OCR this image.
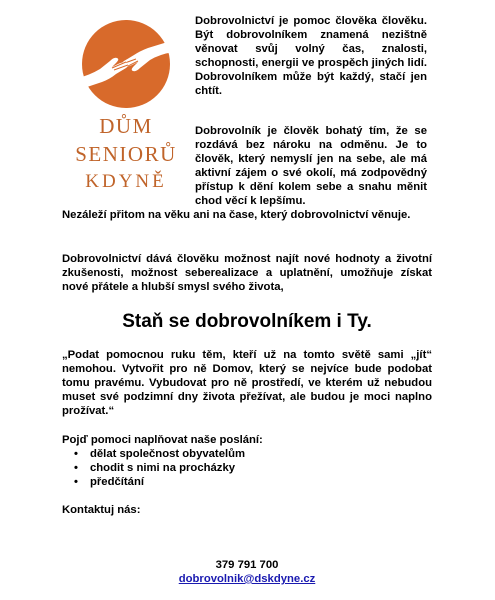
DŮM
SENIORŮ
KDYNĚ
Dobrovolnictví je pomoc člověka člověku. Být dobrovolníkem znamená nezištně věnovat svůj volný čas, znalosti, schopnosti, energii ve prospěch jiných lidí. Dobrovolníkem může být každý, stačí jen chtít.
Dobrovolník je člověk bohatý tím, že se rozdává bez nároku na odměnu. Je to člověk, který nemyslí jen na sebe, ale má aktivní zájem o své okolí, má zodpovědný přístup k dění kolem sebe a snahu měnit chod věcí k lepšímu.
Nezáleží přitom na věku ani na čase, který dobrovolnictví věnuje.
Dobrovolnictví dává člověku možnost najít nové hodnoty a životní zkušenosti, možnost seberealizace a uplatnění, umožňuje získat nové přátele a hlubší smysl svého života,
Staň se dobrovolníkem i Ty.
„Podat pomocnou ruku těm, kteří už na tomto světě sami „jít“ nemohou. Vytvořit pro ně Domov, který se nejvíce bude podobat tomu pravému. Vybudovat pro ně prostředí, ve kterém už nebudou muset své podzimní dny života přežívat, ale budou je moci naplno prožívat.“
Pojď pomoci naplňovat naše poslání:
• dělat společnost obyvatelům
• chodit s nimi na procházky
• předčítání
Kontaktuj nás:
379 791 700
dobrovolnik@dskdyne.cz
